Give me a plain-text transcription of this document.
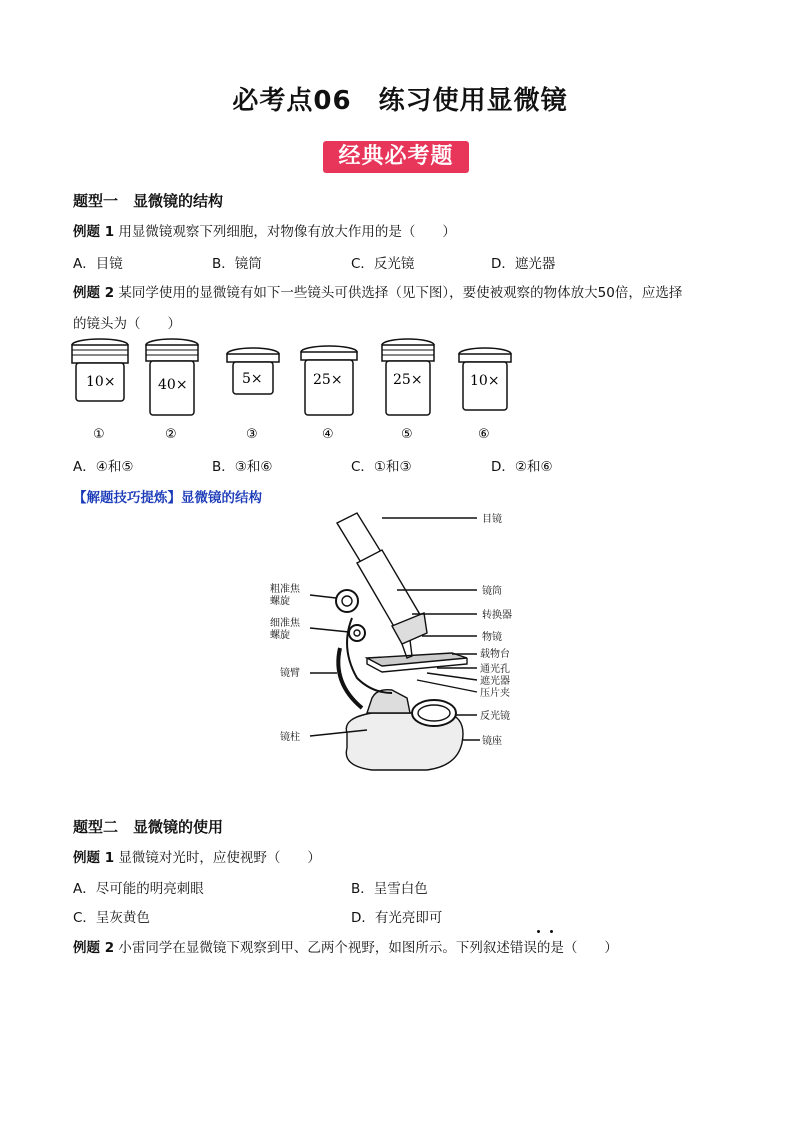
必考点06　练习使用显微镜
经典必考题
题型一　显微镜的结构
例题 1 用显微镜观察下列细胞，对物像有放大作用的是（　　）
A．目镜	B．镜筒	C．反光镜	D．遮光器
例题 2 某同学使用的显微镜有如下一些镜头可供选择（见下图），要使被观察的物体放大50倍，应选择
的镜头为（　　）
10×	40×	5×	25×	25×	10×
①	②	③	④	⑤	⑥
A．④和⑤	B．③和⑥	C．①和③	D．②和⑥
【解题技巧提炼】显微镜的结构
目镜
镜筒
转换器
物镜
载物台
通光孔
遮光器
压片夹
反光镜
镜座
粗准焦
螺旋
细准焦
螺旋
镜臂
镜柱
题型二　显微镜的使用
例题 1 显微镜对光时，应使视野（　　）
A．尽可能的明亮刺眼	B．呈雪白色
C．呈灰黄色	D．有光亮即可
例题 2 小雷同学在显微镜下观察到甲、乙两个视野，如图所示。下列叙述错误的是（　　）
